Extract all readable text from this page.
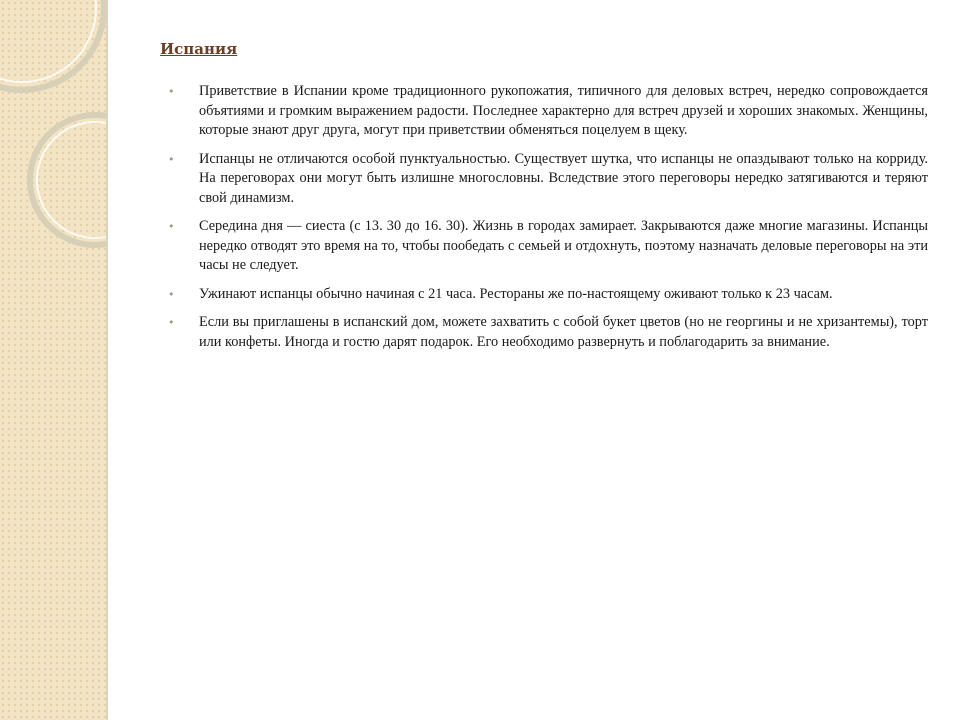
Испания
• Приветствие в Испании кроме традиционного рукопожатия, типичного для деловых встреч, нередко сопровождается объятиями и громким выражением радости. Последнее характерно для встреч друзей и хороших знакомых. Женщины, которые знают друг друга, могут при приветствии обменяться поцелуем в щеку.
• Испанцы не отличаются особой пунктуальностью. Существует шутка, что испанцы не опаздывают только на корриду. На переговорах они могут быть излишне многословны. Вследствие этого переговоры нередко затягиваются и теряют свой динамизм.
• Середина дня — сиеста (с 13. 30 до 16. 30). Жизнь в городах замирает. Закрываются даже многие магазины. Испанцы нередко отводят это время на то, чтобы пообедать с семьей и отдохнуть, поэтому назначать деловые переговоры на эти часы не следует.
• Ужинают испанцы обычно начиная с 21 часа. Рестораны же по-настоящему оживают только к 23 часам.
• Если вы приглашены в испанский дом, можете захватить с собой букет цветов (но не георгины и не хризантемы), торт или конфеты. Иногда и гостю дарят подарок. Его необходимо развернуть и поблагодарить за внимание.
